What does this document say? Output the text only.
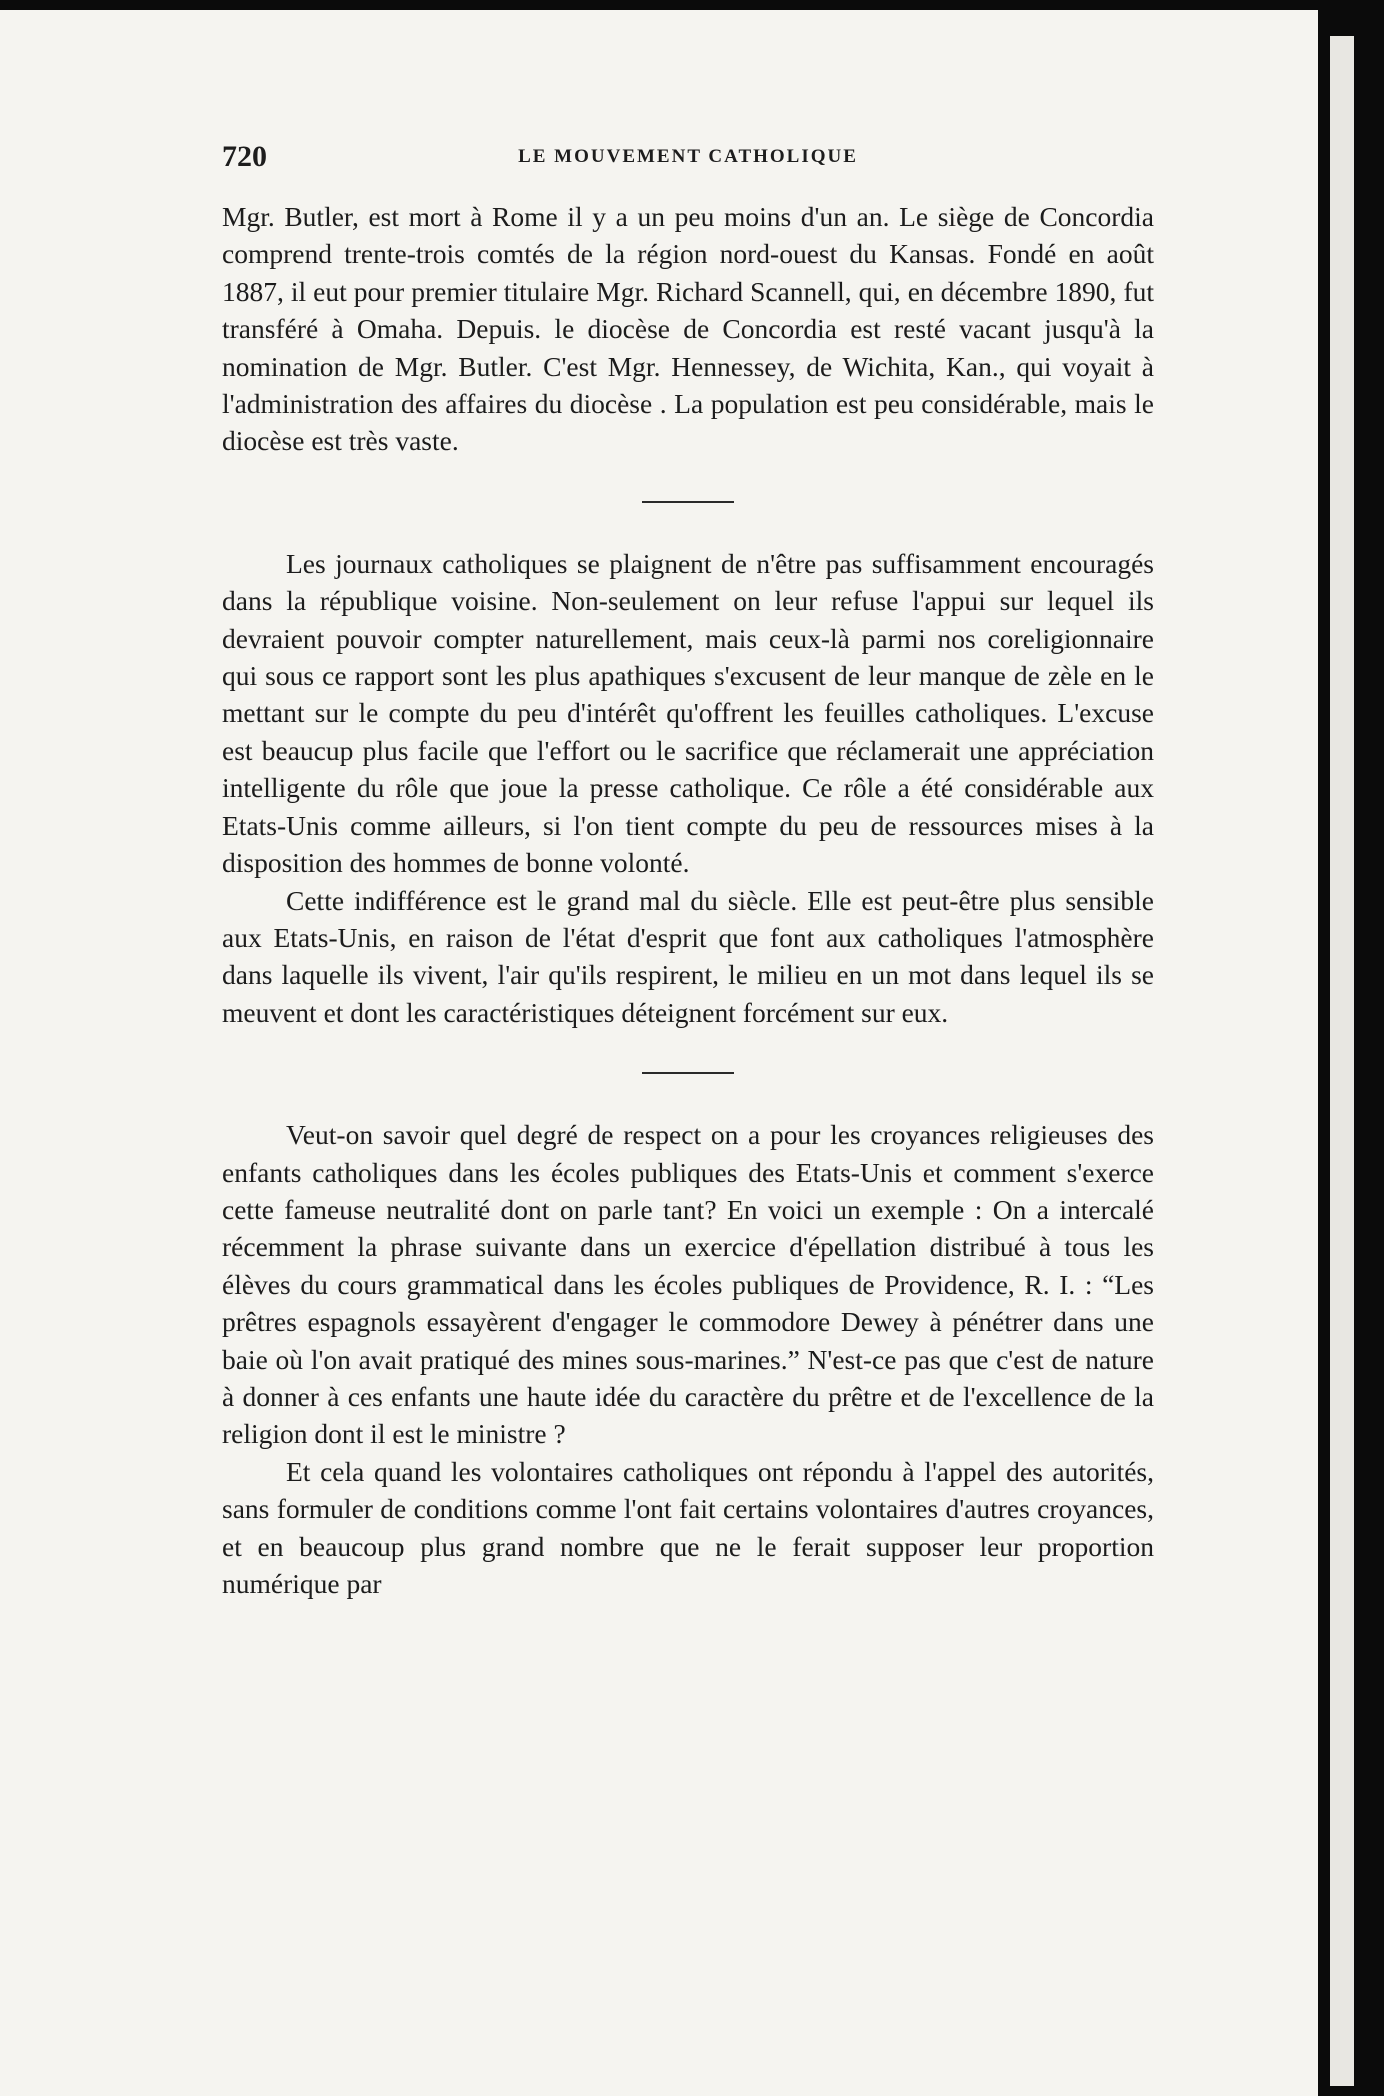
720	LE MOUVEMENT CATHOLIQUE

Mgr. Butler, est mort à Rome il y a un peu moins d'un an. Le siège de Concordia comprend trente-trois comtés de la région nord-ouest du Kansas. Fondé en août 1887, il eut pour premier titulaire Mgr. Richard Scannell, qui, en décembre 1890, fut transféré à Omaha. Depuis. le diocèse de Concordia est resté vacant jusqu'à la nomination de Mgr. Butler. C'est Mgr. Hennessey, de Wichita, Kan., qui voyait à l'administration des affaires du diocèse . La population est peu considérable, mais le diocèse est très vaste.

Les journaux catholiques se plaignent de n'être pas suffisamment encouragés dans la république voisine. Non-seulement on leur refuse l'appui sur lequel ils devraient pouvoir compter naturellement, mais ceux-là parmi nos coreligionnaire qui sous ce rapport sont les plus apathiques s'excusent de leur manque de zèle en le mettant sur le compte du peu d'intérêt qu'offrent les feuilles catholiques. L'excuse est beaucup plus facile que l'effort ou le sacrifice que réclamerait une appréciation intelligente du rôle que joue la presse catholique. Ce rôle a été considérable aux Etats-Unis comme ailleurs, si l'on tient compte du peu de ressources mises à la disposition des hommes de bonne volonté.

Cette indifférence est le grand mal du siècle. Elle est peut-être plus sensible aux Etats-Unis, en raison de l'état d'esprit que font aux catholiques l'atmosphère dans laquelle ils vivent, l'air qu'ils respirent, le milieu en un mot dans lequel ils se meuvent et dont les caractéristiques déteignent forcément sur eux.

Veut-on savoir quel degré de respect on a pour les croyances religieuses des enfants catholiques dans les écoles publiques des Etats-Unis et comment s'exerce cette fameuse neutralité dont on parle tant? En voici un exemple : On a intercalé récemment la phrase suivante dans un exercice d'épellation distribué à tous les élèves du cours grammatical dans les écoles publiques de Providence, R. I. : “Les prêtres espagnols essayèrent d'engager le commodore Dewey à pénétrer dans une baie où l'on avait pratiqué des mines sous-marines.” N'est-ce pas que c'est de nature à donner à ces enfants une haute idée du caractère du prêtre et de l'excellence de la religion dont il est le ministre ?

Et cela quand les volontaires catholiques ont répondu à l'appel des autorités, sans formuler de conditions comme l'ont fait certains volontaires d'autres croyances, et en beaucoup plus grand nombre que ne le ferait supposer leur proportion numérique par
